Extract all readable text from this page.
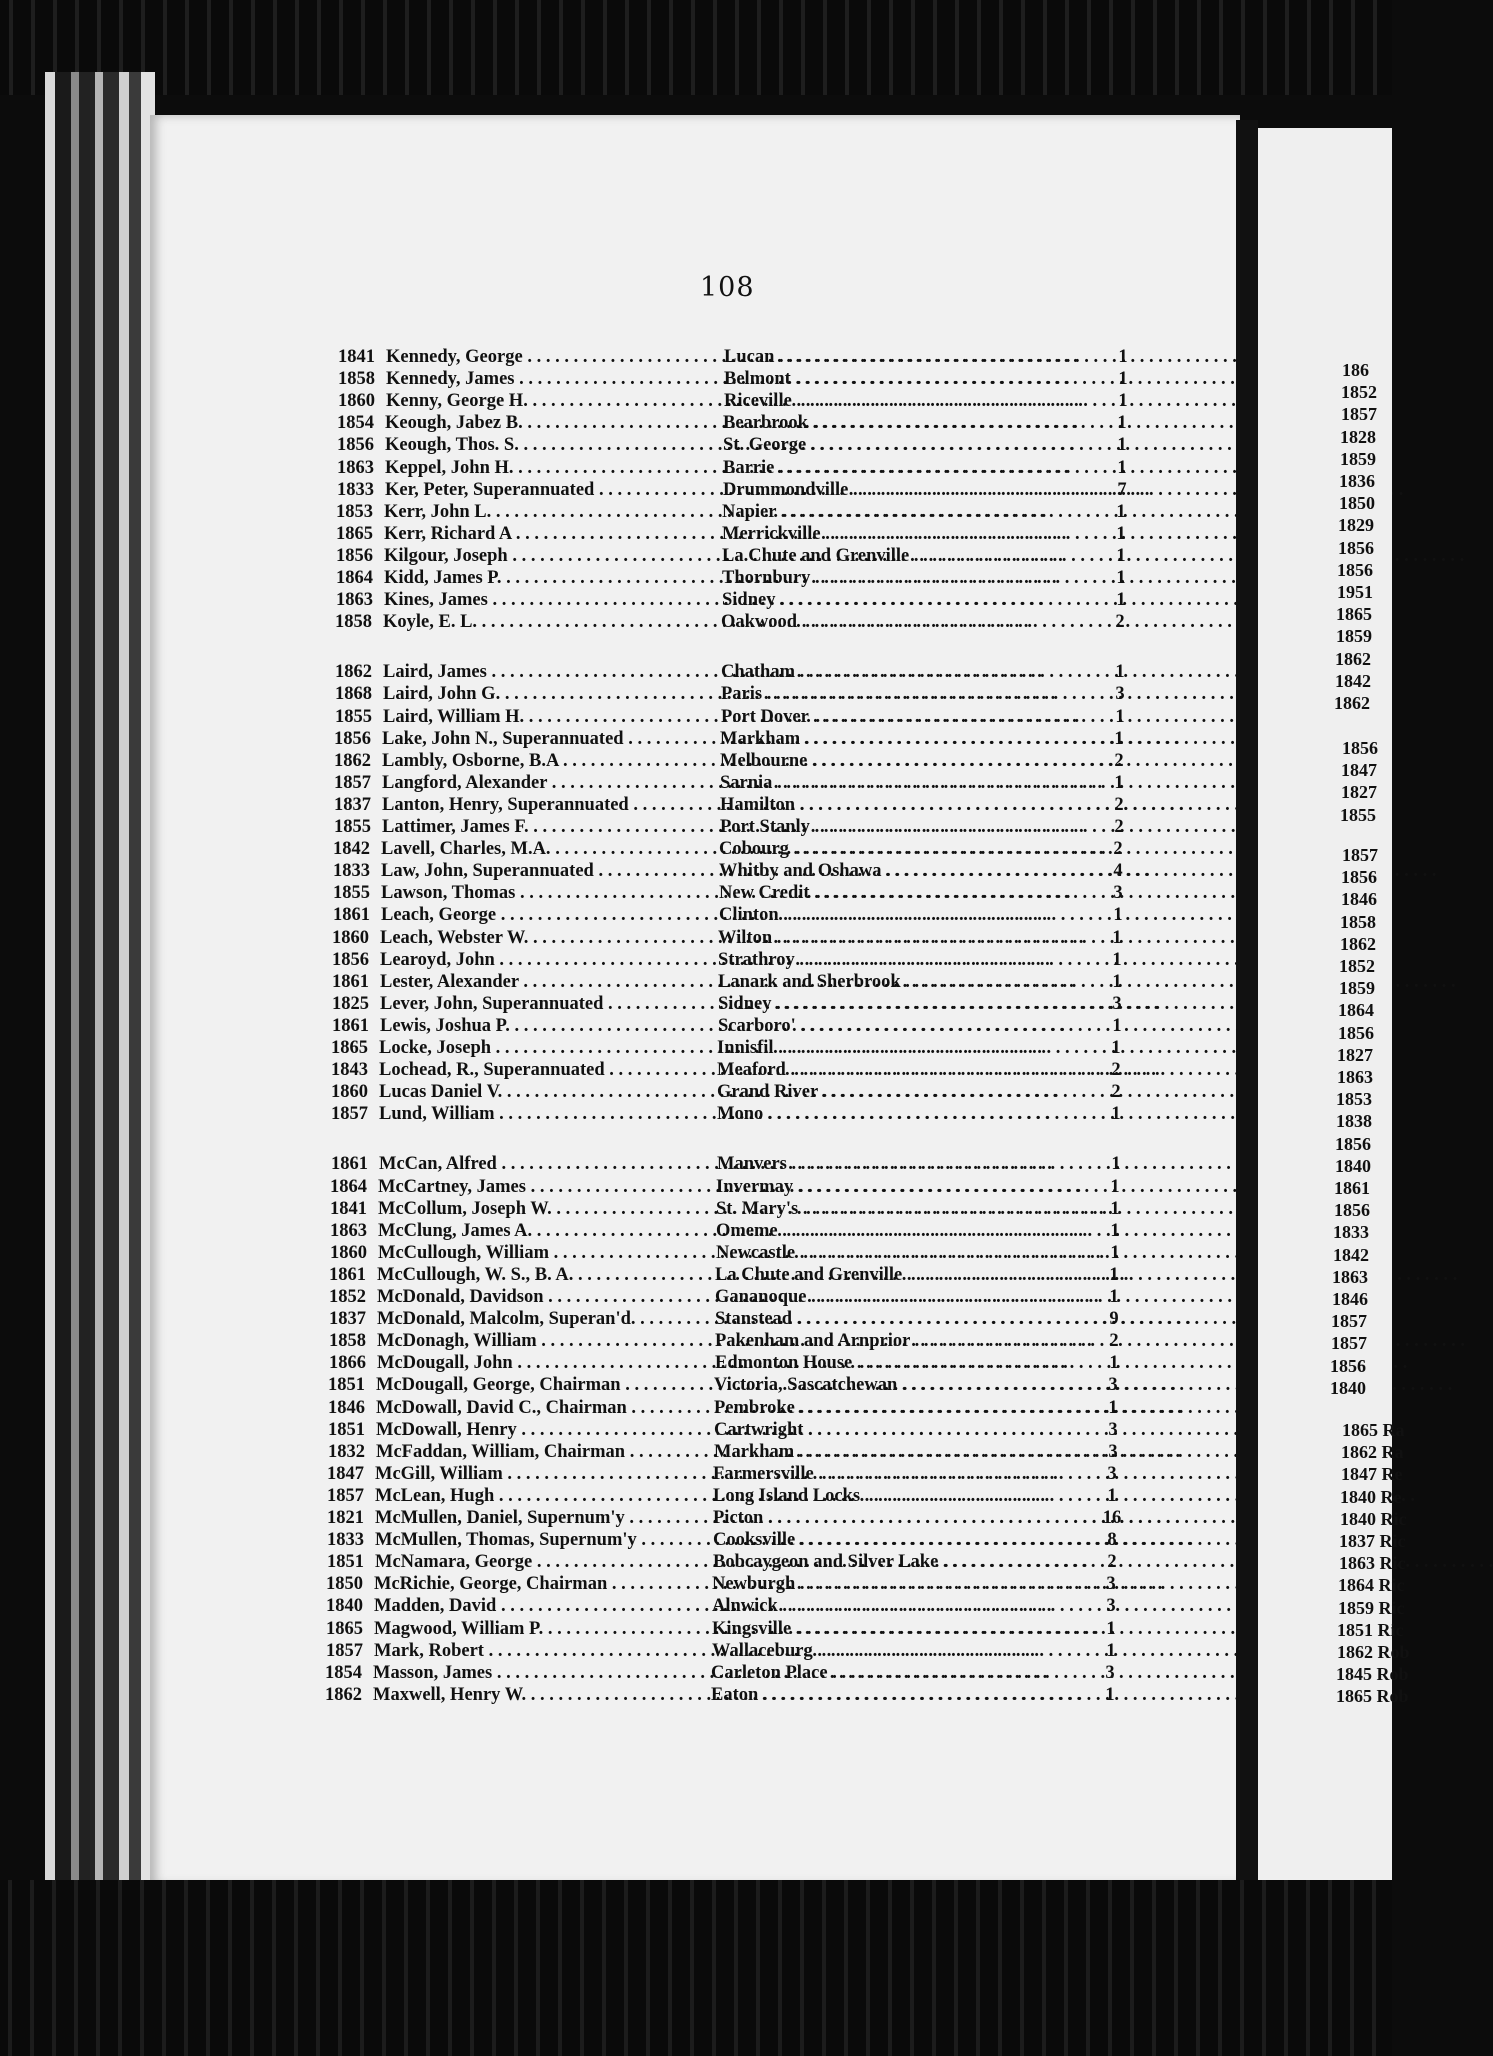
108
1841 Kennedy, George . . .	Lucan . . .	1
1858 Kennedy, James . . .	Belmont . . .	1
1860 Kenny, George H. . . .	Riceville . . .	1
1854 Keough, Jabez B. . . .	Bearbrook . . .	1
1856 Keough, Thos. S. . . .	St. George . . .	1
1863 Keppel, John H. . . .	Barrie . . .	1
1833 Ker, Peter, Superannuated . . .	Drummondville . . .	7
1853 Kerr, John L. . . .	Napier . . .	1
1865 Kerr, Richard A . . .	Merrickville . . .	1
1856 Kilgour, Joseph . . .	La Chute and Grenville . . .	1
1864 Kidd, James P. . . .	Thornbury . . .	1
1863 Kines, James . . .	Sidney . . .	1
1858 Koyle, E. L. . . .	Oakwood . . .	2
1862 Laird, James . . .	Chatham . . .	1
1868 Laird, John G. . . .	Paris . . .	3
1855 Laird, William H. . . .	Port Dover . . .	1
1856 Lake, John N., Superannuated . . .	Markham . . .	1
1862 Lambly, Osborne, B.A . . .	Melbourne . . .	2
1857 Langford, Alexander . . .	Sarnia . . .	1
1837 Lanton, Henry, Superannuated . . .	Hamilton . . .	2
1855 Lattimer, James F. . . .	Port Stanly . . .	2
1842 Lavell, Charles, M.A. . . .	Cobourg . . .	2
1833 Law, John, Superannuated . . .	Whitby and Oshawa . . .	4
1855 Lawson, Thomas . . .	New Credit . . .	3
1861 Leach, George . . .	Clinton . . .	1
1860 Leach, Webster W. . . .	Wilton . . .	1
1856 Learoyd, John . . .	Strathroy . . .	1
1861 Lester, Alexander . . .	Lanark and Sherbrook . . .	1
1825 Lever, John, Superannuated . . .	Sidney . . .	3
1861 Lewis, Joshua P. . . .	Scarboro' . . .	1
1865 Locke, Joseph . . .	Innisfil . . .	1
1843 Lochead, R., Superannuated . . .	Meaford . . .	2
1860 Lucas Daniel V. . . .	Grand River . . .	2
1857 Lund, William . . .	Mono . . .	1
1861 McCan, Alfred . . .	Manvers . . .	1
1864 McCartney, James . . .	Invermay . . .	1
1841 McCollum, Joseph W. . . .	St. Mary's . . .	1
1863 McClung, James A. . . .	Omeme . . .	1
1860 McCullough, William . . .	Newcastle . . .	1
1861 McCullough, W. S., B. A. . . .	La Chute and Grenville . . .	1
1852 McDonald, Davidson . . .	Gananoque . . .	1
1837 McDonald, Malcolm, Superan'd. . . .	Stanstead . . .	9
1858 McDonagh, William . . .	Pakenham and Arnprior . . .	2
1866 McDougall, John . . .	Edmonton House . . .	1
1851 McDougall, George, Chairman . . .	Victoria, Sascatchewan . . .	3
1846 McDowall, David C., Chairman . . .	Pembroke . . .	1
1851 McDowall, Henry . . .	Cartwright . . .	3
1832 McFaddan, William, Chairman . . .	Markham . . .	3
1847 McGill, William . . .	Farmersville . . .	3
1857 McLean, Hugh . . .	Long Island Locks . . .	1
1821 McMullen, Daniel, Supernum'y . . .	Picton . . .	16
1833 McMullen, Thomas, Supernum'y . . .	Cooksville . . .	8
1851 McNamara, George . . .	Bobcaygeon and Silver Lake . . .	2
1850 McRichie, George, Chairman . . .	Newburgh . . .	3
1840 Madden, David . . .	Alnwick . . .	3
1865 Magwood, William P. . . .	Kingsville . . .	1
1857 Mark, Robert . . .	Wallaceburg . . .	1
1854 Masson, James . . .	Carleton Place . . .	3
1862 Maxwell, Henry W. . . .	Eaton . . .	1
186
1852
1857
1828
1859
1836
1850
1829
1856
1856
1951
1865
1859
1862
1842
1862
1856
1847
1827
1855
1857
1856
1846
1858
1862
1852
1859
1864
1856
1827
1863
1853
1838
1856
1840
1861
1856
1833
1842
1863
1846
1857
1857
1856
1840
1865 Ra
1862 Ra
1847 Re
1840 Re
1840 Ric
1837 Ric
1863 Ric
1864 Ric
1859 Ric
1851 Ric
1862 Rob
1845 Rob
1865 Rob
